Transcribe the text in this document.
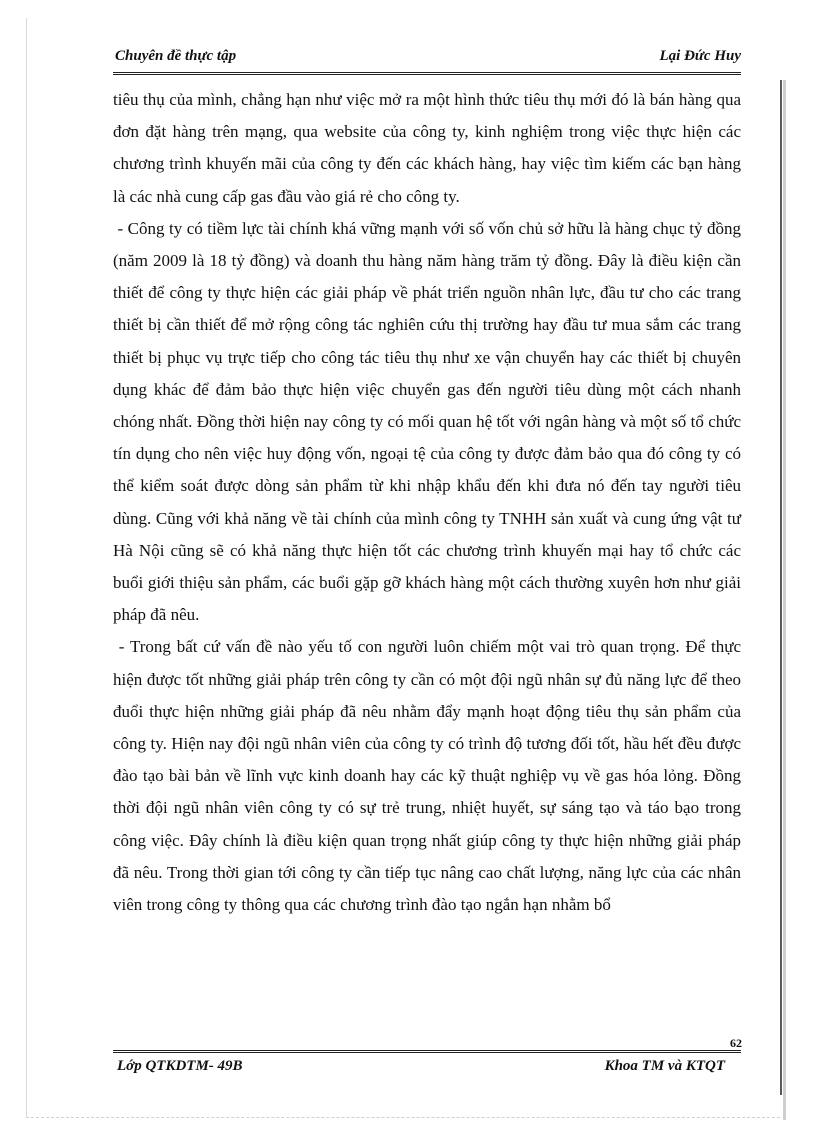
Chuyên đề thực tập	Lại Đức Huy

tiêu thụ của mình, chẳng hạn như việc mở ra một hình thức tiêu thụ mới đó là bán hàng qua đơn đặt hàng trên mạng, qua website của công ty, kinh nghiệm trong việc thực hiện các chương trình khuyến mãi của công ty đến các khách hàng, hay việc tìm kiếm các bạn hàng là các nhà cung cấp gas đầu vào giá rẻ cho công ty.

- Công ty có tiềm lực tài chính khá vững mạnh với số vốn chủ sở hữu là hàng chục tỷ đồng (năm 2009 là 18 tỷ đồng) và doanh thu hàng năm hàng trăm tỷ đồng. Đây là điều kiện cần thiết để công ty thực hiện các giải pháp về phát triển nguồn nhân lực, đầu tư cho các trang thiết bị cần thiết để mở rộng công tác nghiên cứu thị trường hay đầu tư mua sắm các trang thiết bị phục vụ trực tiếp cho công tác tiêu thụ như xe vận chuyển hay các thiết bị chuyên dụng khác để đảm bảo thực hiện việc chuyển gas đến người tiêu dùng một cách nhanh chóng nhất. Đồng thời hiện nay công ty có mối quan hệ tốt với ngân hàng và một số tổ chức tín dụng cho nên việc huy động vốn, ngoại tệ của công ty được đảm bảo qua đó công ty có thể kiểm soát được dòng sản phẩm từ khi nhập khẩu đến khi đưa nó đến tay người tiêu dùng. Cũng với khả năng về tài chính của mình công ty TNHH sản xuất và cung ứng vật tư Hà Nội cũng sẽ có khả năng thực hiện tốt các chương trình khuyến mại hay tổ chức các buổi giới thiệu sản phẩm, các buổi gặp gỡ khách hàng một cách thường xuyên hơn như giải pháp đã nêu.

- Trong bất cứ vấn đề nào yếu tố con người luôn chiếm một vai trò quan trọng. Để thực hiện được tốt những giải pháp trên công ty cần có một đội ngũ nhân sự đủ năng lực để theo đuổi thực hiện những giải pháp đã nêu nhằm đẩy mạnh hoạt động tiêu thụ sản phẩm của công ty. Hiện nay đội ngũ nhân viên của công ty có trình độ tương đối tốt, hầu hết đều được đào tạo bài bản về lĩnh vực kinh doanh hay các kỹ thuật nghiệp vụ về gas hóa lỏng. Đồng thời đội ngũ nhân viên công ty có sự trẻ trung, nhiệt huyết, sự sáng tạo và táo bạo trong công việc. Đây chính là điều kiện quan trọng nhất giúp công ty thực hiện những giải pháp đã nêu. Trong thời gian tới công ty cần tiếp tục nâng cao chất lượng, năng lực của các nhân viên trong công ty thông qua các chương trình đào tạo ngắn hạn nhằm bổ

62
Lớp QTKDTM- 49B	Khoa TM và KTQT
